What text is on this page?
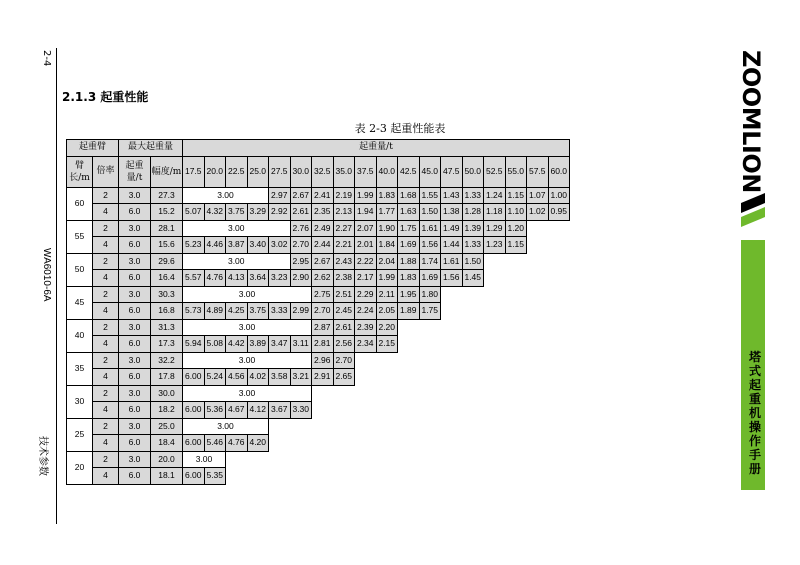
2-4
WA6010-6A
技术参数
2.1.3 起重性能
表 2-3 起重性能表
起重臂		最大起重量		起重量/t																	
臂长/m	倍率	起重量/t	幅度/m	17.5	20.0	22.5	25.0	27.5	30.0	32.5	35.0	37.5	40.0	42.5	45.0	47.5	50.0	52.5	55.0	57.5	60.0
60	2	3.0	27.3	3.00				2.97	2.67	2.41	2.19	1.99	1.83	1.68	1.55	1.43	1.33	1.24	1.15	1.07	1.00
	4	6.0	15.2	5.07	4.32	3.75	3.29	2.92	2.61	2.35	2.13	1.94	1.77	1.63	1.50	1.38	1.28	1.18	1.10	1.02	0.95
55	2	3.0	28.1	3.00					2.76	2.49	2.27	2.07	1.90	1.75	1.61	1.49	1.39	1.29	1.20		
	4	6.0	15.6	5.23	4.46	3.87	3.40	3.02	2.70	2.44	2.21	2.01	1.84	1.69	1.56	1.44	1.33	1.23	1.15		
50	2	3.0	29.6	3.00					2.95	2.67	2.43	2.22	2.04	1.88	1.74	1.61	1.50				
	4	6.0	16.4	5.57	4.76	4.13	3.64	3.23	2.90	2.62	2.38	2.17	1.99	1.83	1.69	1.56	1.45				
45	2	3.0	30.3	3.00						2.75	2.51	2.29	2.11	1.95	1.80						
	4	6.0	16.8	5.73	4.89	4.25	3.75	3.33	2.99	2.70	2.45	2.24	2.05	1.89	1.75						
40	2	3.0	31.3	3.00						2.87	2.61	2.39	2.20								
	4	6.0	17.3	5.94	5.08	4.42	3.89	3.47	3.11	2.81	2.56	2.34	2.15								
35	2	3.0	32.2	3.00						2.96	2.70										
	4	6.0	17.8	6.00	5.24	4.56	4.02	3.58	3.21	2.91	2.65										
30	2	3.0	30.0	3.00																	
	4	6.0	18.2	6.00	5.36	4.67	4.12	3.67	3.30												
25	2	3.0	25.0	3.00																	
	4	6.0	18.4	6.00	5.46	4.76	4.20														
20	2	3.0	20.0	3.00																	
	4	6.0	18.1	6.00	5.35																
ZOOMLION
塔式起重机操作手册
